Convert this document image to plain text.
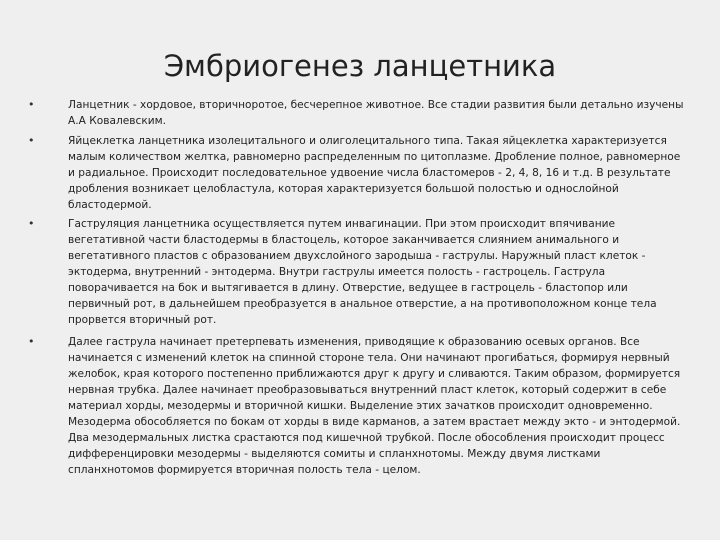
Эмбриогенез ланцетника
•	Ланцетник - хордовое, вторичноротое, бесчерепное животное. Все стадии развития были детально изучены А.А Ковалевским.
•	Яйцеклетка ланцетника изолецитального и олиголецитального типа. Такая яйцеклетка характеризуется малым количеством желтка, равномерно распределенным по цитоплазме. Дробление полное, равномерное и радиальное. Происходит последовательное удвоение числа бластомеров - 2, 4, 8, 16 и т.д. В результате дробления возникает целобластула, которая характеризуется большой полостью и однослойной бластодермой.
•	Гаструляция ланцетника осуществляется путем инвагинации. При этом происходит впячивание вегетативной части бластодермы в бластоцель, которое заканчивается слиянием анимального и вегетативного пластов с образованием двухслойного зародыша - гаструлы. Наружный пласт клеток - эктодерма, внутренний - энтодерма. Внутри гаструлы имеется полость - гастроцель. Гаструла поворачивается на бок и вытягивается в длину. Отверстие, ведущее в гастроцель - бластопор или первичный рот, в дальнейшем преобразуется в анальное отверстие, а на противоположном конце тела прорвется вторичный рот.
•	Далее гаструла начинает претерпевать изменения, приводящие к образованию осевых органов. Все начинается с изменений клеток на спинной стороне тела. Они начинают прогибаться, формируя нервный желобок, края которого постепенно приближаются друг к другу и сливаются. Таким образом, формируется нервная трубка. Далее начинает преобразовываться внутренний пласт клеток, который содержит в себе материал хорды, мезодермы и вторичной кишки. Выделение этих зачатков происходит одновременно. Мезодерма обособляется по бокам от хорды в виде карманов, а затем врастает между экто - и энтодермой. Два мезодермальных листка срастаются под кишечной трубкой. После обособления происходит процесс дифференцировки мезодермы - выделяются сомиты и спланхнотомы. Между двумя листками спланхнотомов формируется вторичная полость тела - целом.
